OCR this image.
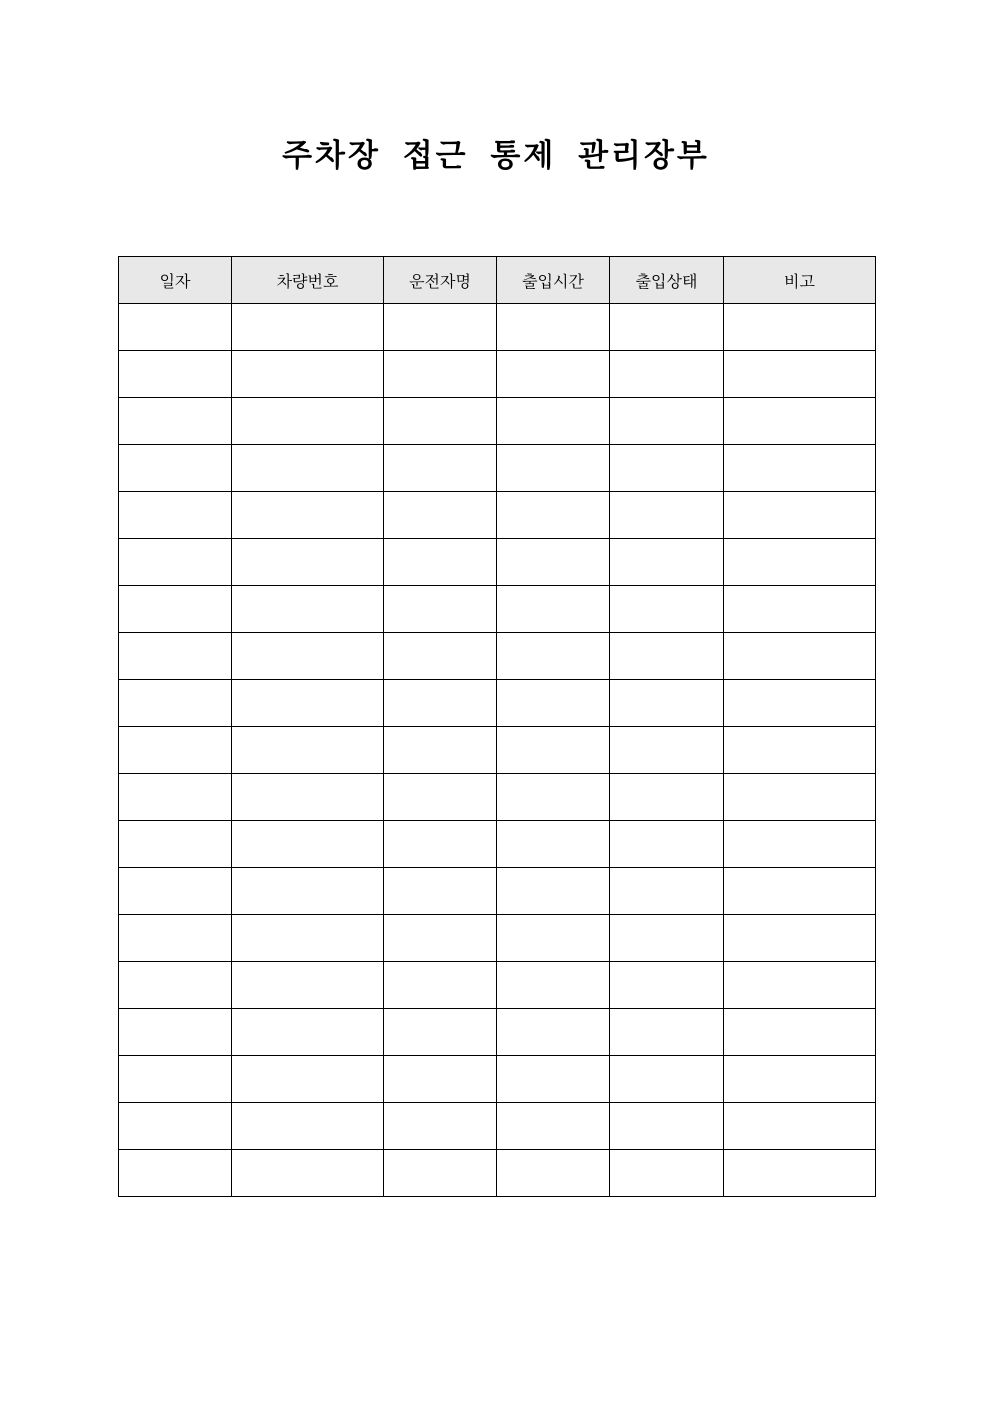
주차장 접근 통제 관리장부
일자	차량번호	운전자명	출입시간	출입상태	비고
